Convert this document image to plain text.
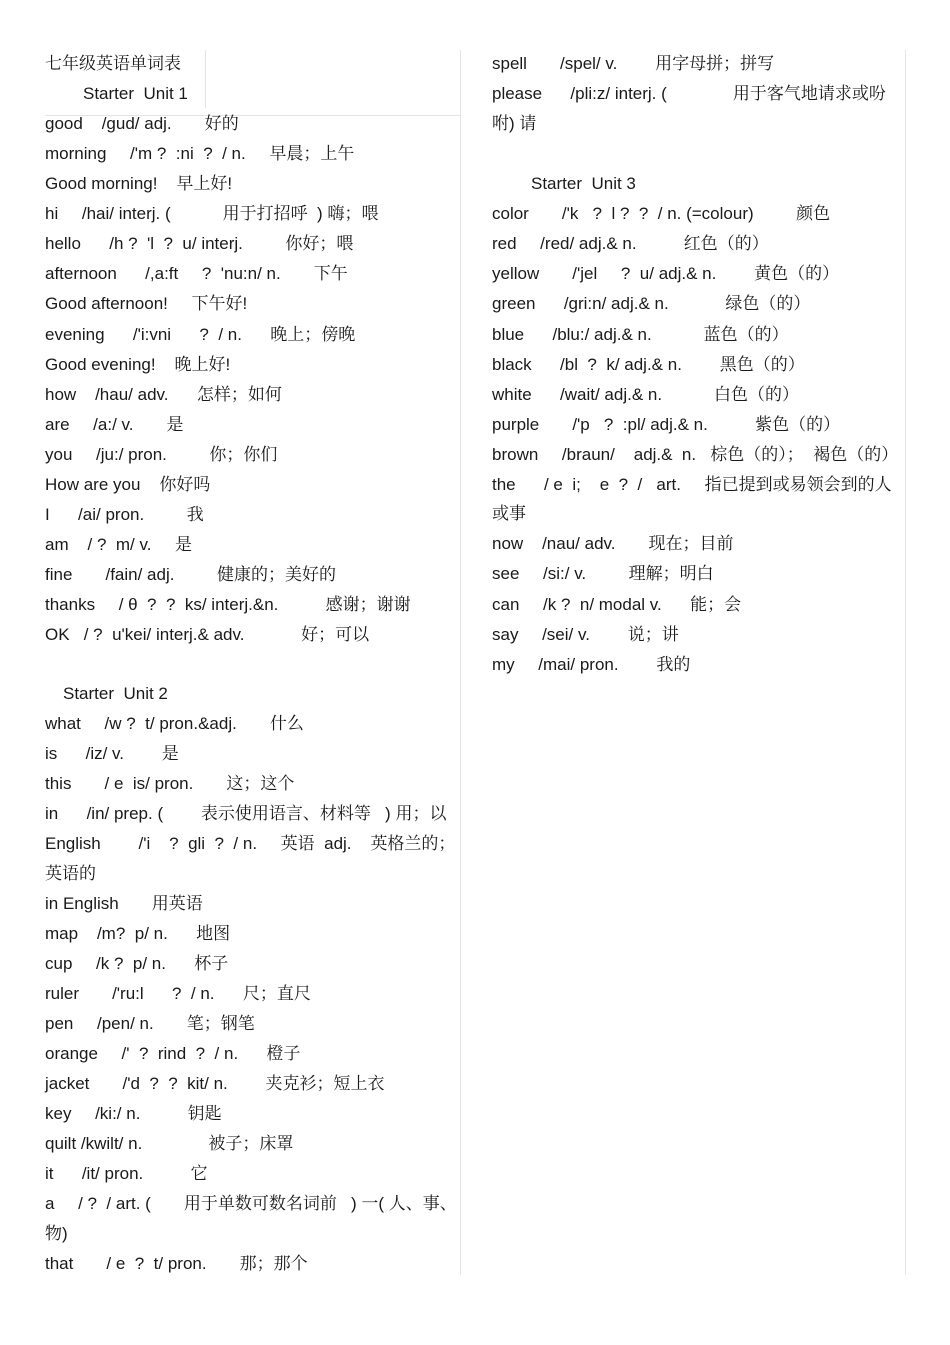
七年级英语单词表
Starter  Unit 1
good    /gud/ adj.       好的
morning     /'m ?  :ni  ?  / n.     早晨；上午
Good morning!    早上好!
hi     /hai/ interj. (           用于打招呼  ) 嗨；喂
hello      /h ?  'l  ?  u/ interj.         你好；喂
afternoon      /,a:ft     ?  'nu:n/ n.       下午
Good afternoon!     下午好!
evening      /'i:vni      ?  / n.      晚上；傍晚
Good evening!    晚上好!
how    /hau/ adv.      怎样；如何
are     /a:/ v.       是
you     /ju:/ pron.         你；你们
How are you    你好吗
I      /ai/ pron.         我
am    / ?  m/ v.     是
fine       /fain/ adj.         健康的；美好的
thanks     / θ  ?  ?  ks/ interj.&n.          感谢；谢谢
OK   / ?  u'kei/ interj.& adv.            好；可以
Starter  Unit 2
what     /w ?  t/ pron.&adj.       什么
is      /iz/ v.        是
this       / e  is/ pron.       这；这个
in      /in/ prep. (        表示使用语言、材料等   ) 用；以
English        /'i    ?  gli  ?  / n.     英语  adj.    英格兰的；
英语的
in English       用英语
map    /m?  p/ n.      地图
cup     /k ?  p/ n.      杯子
ruler       /'ru:l      ?  / n.      尺；直尺
pen     /pen/ n.       笔；钢笔
orange     /'  ?  rind  ?  / n.      橙子
jacket       /'d  ?  ?  kit/ n.        夹克衫；短上衣
key     /ki:/ n.          钥匙
quilt /kwilt/ n.              被子；床罩
it      /it/ pron.          它
a     / ?  / art. (       用于单数可数名词前   ) 一( 人、事、
物)
that       / e  ?  t/ pron.       那；那个
spell       /spel/ v.        用字母拼；拼写
please      /pli:z/ interj. (              用于客气地请求或吩
咐) 请
Starter  Unit 3
color       /'k   ?  l ?  ?  / n. (=colour)         颜色
red     /red/ adj.& n.          红色（的）
yellow       /'jel     ?  u/ adj.& n.        黄色（的）
green      /gri:n/ adj.& n.            绿色（的）
blue      /blu:/ adj.& n.           蓝色（的）
black      /bl  ?  k/ adj.& n.        黑色（的）
white      /wait/ adj.& n.           白色（的）
purple       /'p   ?  :pl/ adj.& n.          紫色（的）
brown     /braun/    adj.&  n.   棕色（的）；  褐色（的）
the      / e  i;    e  ?  /   art.     指已提到或易领会到的人
或事
now    /nau/ adv.       现在；目前
see     /si:/ v.         理解；明白
can     /k ?  n/ modal v.      能；会
say     /sei/ v.        说；讲
my     /mai/ pron.        我的
